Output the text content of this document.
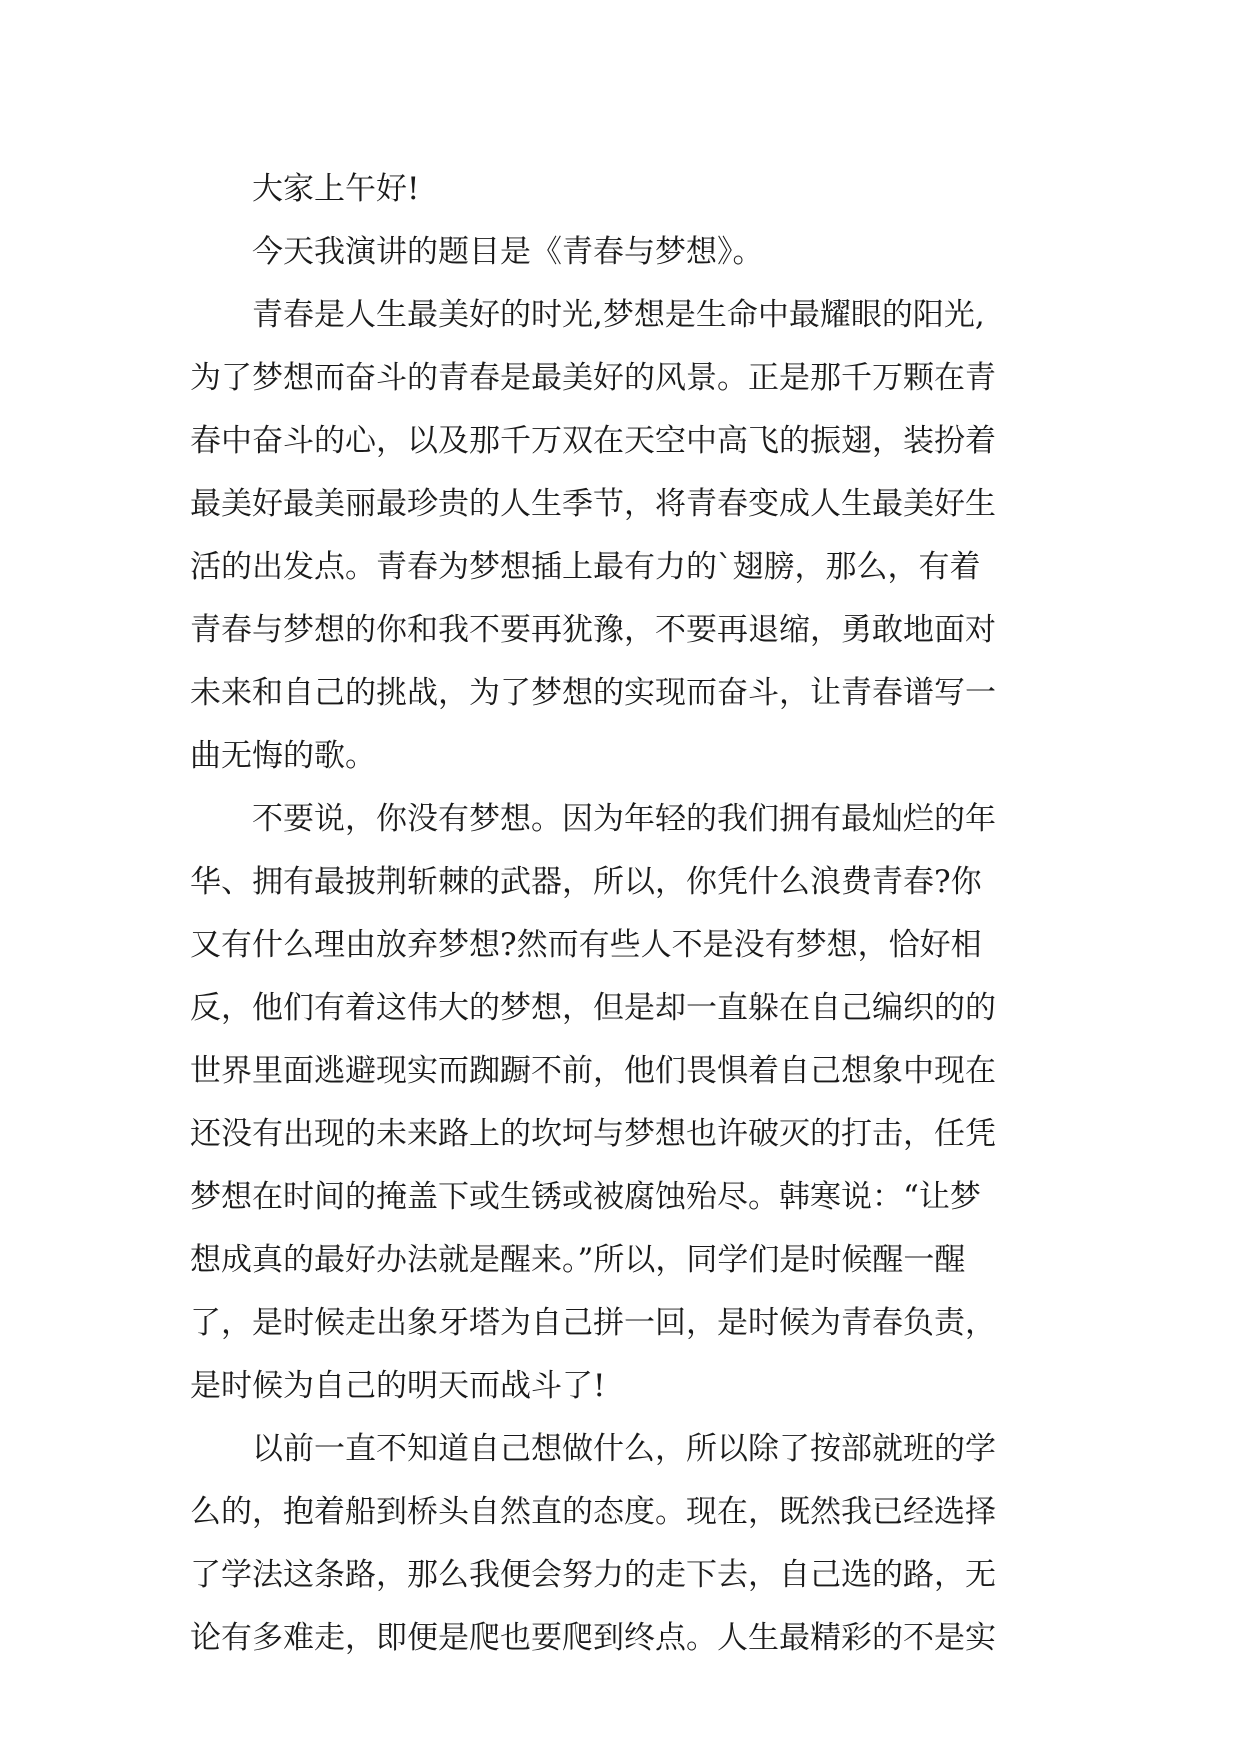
大家上午好!
今天我演讲的题目是《青春与梦想》。
青春是人生最美好的时光,梦想是生命中最耀眼的阳光,
为了梦想而奋斗的青春是最美好的风景。正是那千万颗在青
春中奋斗的心，以及那千万双在天空中高飞的振翅，装扮着
最美好最美丽最珍贵的人生季节，将青春变成人生最美好生
活的出发点。青春为梦想插上最有力的`翅膀，那么，有着
青春与梦想的你和我不要再犹豫，不要再退缩，勇敢地面对
未来和自己的挑战，为了梦想的实现而奋斗，让青春谱写一
曲无悔的歌。
不要说，你没有梦想。因为年轻的我们拥有最灿烂的年
华、拥有最披荆斩棘的武器，所以，你凭什么浪费青春?你
又有什么理由放弃梦想?然而有些人不是没有梦想，恰好相
反，他们有着这伟大的梦想，但是却一直躲在自己编织的的
世界里面逃避现实而踟蹰不前，他们畏惧着自己想象中现在
还没有出现的未来路上的坎坷与梦想也许破灭的打击，任凭
梦想在时间的掩盖下或生锈或被腐蚀殆尽。韩寒说：“让梦
想成真的最好办法就是醒来。”所以，同学们是时候醒一醒
了，是时候走出象牙塔为自己拼一回，是时候为青春负责，
是时候为自己的明天而战斗了!
以前一直不知道自己想做什么，所以除了按部就班的学
么的，抱着船到桥头自然直的态度。现在，既然我已经选择
了学法这条路，那么我便会努力的走下去，自己选的路，无
论有多难走，即便是爬也要爬到终点。人生最精彩的不是实
